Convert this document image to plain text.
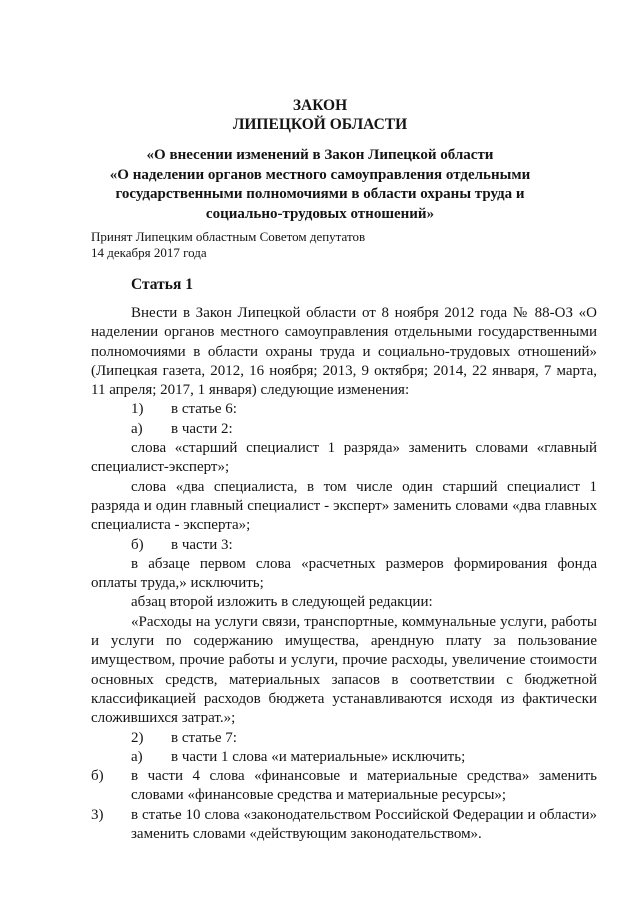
ЗАКОН
ЛИПЕЦКОЙ ОБЛАСТИ
«О внесении изменений в Закон Липецкой области
«О наделении органов местного самоуправления отдельными
государственными полномочиями в области охраны труда и
социально-трудовых отношений»
Принят Липецким областным Советом депутатов
14 декабря 2017 года
Статья 1

Внести в Закон Липецкой области от 8 ноября 2012 года № 88-ОЗ «О наделении органов местного самоуправления отдельными государственными полномочиями в области охраны труда и социально-трудовых отношений» (Липецкая газета, 2012, 16 ноября; 2013, 9 октября; 2014, 22 января, 7 марта, 11 апреля; 2017, 1 января) следующие изменения:

1)	в статье 6:
а)	в части 2:

слова «старший специалист 1 разряда» заменить словами «главный специалист-эксперт»;

слова «два специалиста, в том числе один старший специалист 1 разряда и один главный специалист - эксперт» заменить словами «два главных специалиста - эксперта»;

б)	в части 3:

в абзаце первом слова «расчетных размеров формирования фонда оплаты труда,» исключить;

абзац второй изложить в следующей редакции:

«Расходы на услуги связи, транспортные, коммунальные услуги, работы и услуги по содержанию имущества, арендную плату за пользование имуществом, прочие работы и услуги, прочие расходы, увеличение стоимости основных средств, материальных запасов в соответствии с бюджетной классификацией расходов бюджета устанавливаются исходя из фактически сложившихся затрат.»;

2)	в статье 7:
а)	в части 1 слова «и материальные» исключить;
б)	в части 4 слова «финансовые и материальные средства» заменить словами «финансовые средства и материальные ресурсы»;
3)	в статье 10 слова «законодательством Российской Федерации и области» заменить словами «действующим законодательством».
